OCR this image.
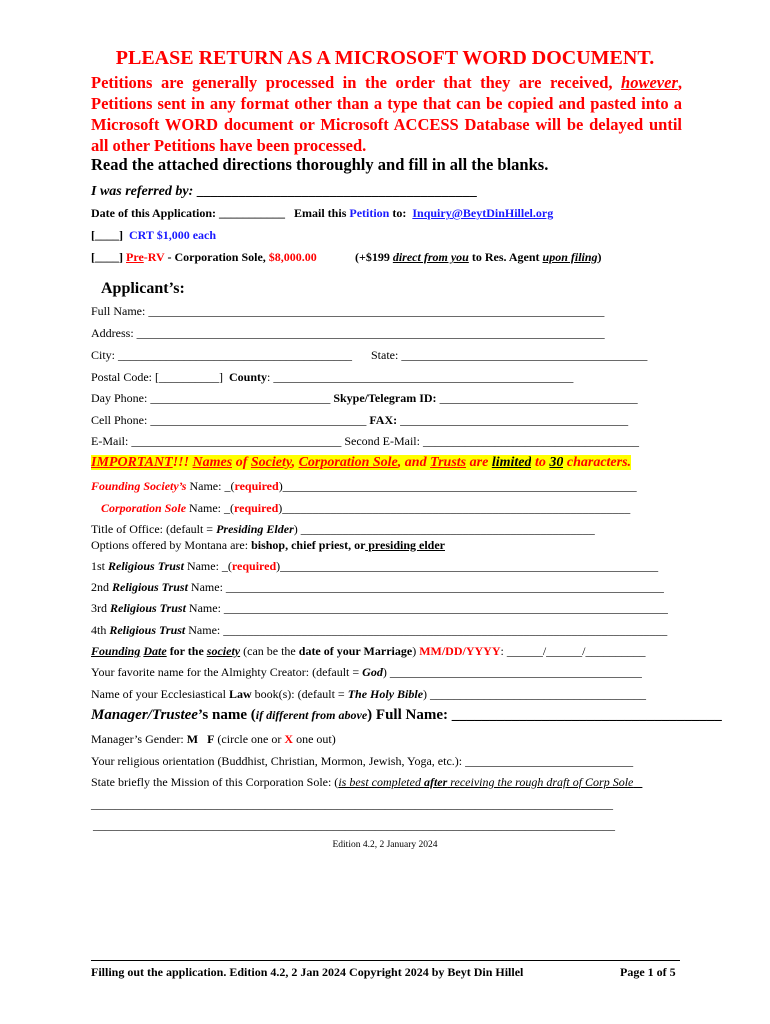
PLEASE RETURN AS A MICROSOFT WORD DOCUMENT.
Petitions are generally processed in the order that they are received, however, Petitions sent in any format other than a type that can be copied and pasted into a Microsoft WORD document or Microsoft ACCESS Database will be delayed until all other Petitions have been processed.
Read the attached directions thoroughly and fill in all the blanks.
I was referred by: ________________________________________
Date of this Application: ___________ Email this Petition to: Inquiry@BeytDinHillel.org
[____] CRT $1,000 each
[____] Pre-RV - Corporation Sole, $8,000.00	(+$199 direct from you to Res. Agent upon filing)
Applicant’s:
Full Name: ____________________________________________________________________________
Address: ______________________________________________________________________________
City: _______________________________________ State: _________________________________________
Postal Code: [__________] County: __________________________________________________
Day Phone: ______________________________ Skype/Telegram ID: _________________________________
Cell Phone: ____________________________________ FAX: ______________________________________
E-Mail: ___________________________________ Second E-Mail: ____________________________________
IMPORTANT!!! Names of Society, Corporation Sole, and Trusts are limited to 30 characters.
Founding Society’s Name: _(required)___________________________________________________________
Corporation Sole Name: _(required)__________________________________________________________
Title of Office: (default = Presiding Elder) _________________________________________________
Options offered by Montana are: bishop, chief priest, or presiding elder
1st Religious Trust Name: _(required)_______________________________________________________________
2nd Religious Trust Name: _________________________________________________________________________
3rd Religious Trust Name: __________________________________________________________________________
4th Religious Trust Name: __________________________________________________________________________
Founding Date for the society (can be the date of your Marriage) MM/DD/YYYY: ______/______/__________
Your favorite name for the Almighty Creator: (default = God) __________________________________________
Name of your Ecclesiastical Law book(s): (default = The Holy Bible) ____________________________________
Manager/Trustee’s name (if different from above) Full Name: ____________________________________
Manager’s Gender: M F (circle one or X one out)
Your religious orientation (Buddhist, Christian, Mormon, Jewish, Yoga, etc.): ____________________________
State briefly the Mission of this Corporation Sole: (is best completed after receiving the rough draft of Corp Sole
_______________________________________________________________________________________
_______________________________________________________________________________________
Edition 4.2, 2 January 2024
Filling out the application. Edition 4.2, 2 Jan 2024 Copyright 2024 by Beyt Din Hillel	Page 1 of 5
